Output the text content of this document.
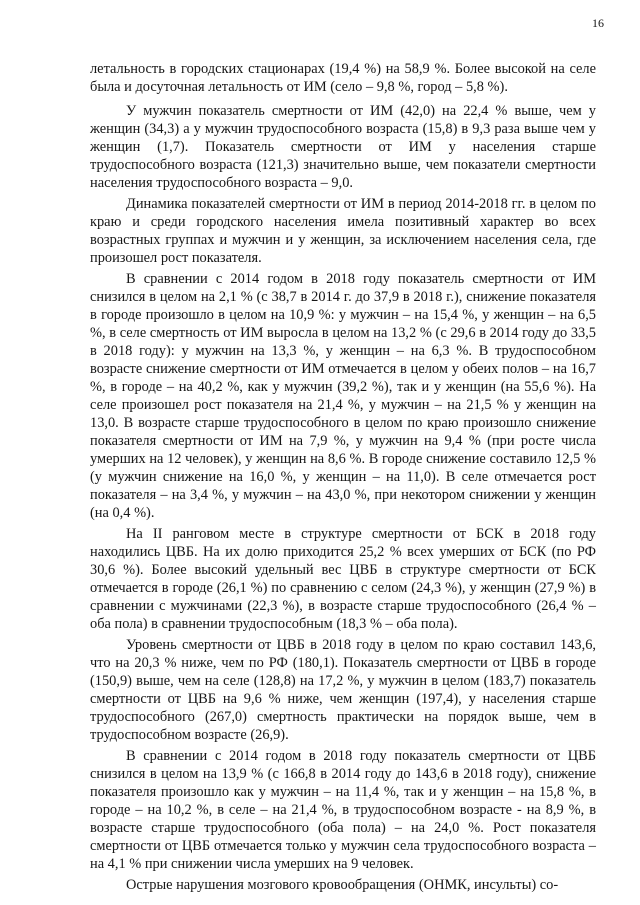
16

летальность в городских стационарах (19,4 %) на 58,9 %. Более высокой на селе была и досуточная летальность от ИМ (село – 9,8 %, город – 5,8 %).

У мужчин показатель смертности от ИМ (42,0) на 22,4 % выше, чем у женщин (34,3) а у мужчин трудоспособного возраста (15,8) в 9,3 раза выше чем у женщин (1,7). Показатель смертности от ИМ у населения старше трудоспособного возраста (121,3) значительно выше, чем показатели смертности населения трудоспособного возраста – 9,0.

Динамика показателей смертности от ИМ в период 2014-2018 гг. в целом по краю и среди городского населения имела позитивный характер во всех возрастных группах и мужчин и у женщин, за исключением населения села, где произошел рост показателя.

В сравнении с 2014 годом в 2018 году показатель смертности от ИМ снизился в целом на 2,1 % (с 38,7 в 2014 г. до 37,9 в 2018 г.), снижение показателя в городе произошло в целом на 10,9 %: у мужчин – на 15,4 %, у женщин – на 6,5 %, в селе смертность от ИМ выросла в целом на 13,2 % (с 29,6 в 2014 году до 33,5 в 2018 году): у мужчин на 13,3 %, у женщин – на 6,3 %. В трудоспособном возрасте снижение смертности от ИМ отмечается в целом у обеих полов – на 16,7 %, в городе – на 40,2 %, как у мужчин (39,2 %), так и у женщин (на 55,6 %). На селе произошел рост показателя на 21,4 %, у мужчин – на 21,5 % у женщин на 13,0. В возрасте старше трудоспособного в целом по краю произошло снижение показателя смертности от ИМ на 7,9 %, у мужчин на 9,4 % (при росте числа умерших на 12 человек), у женщин на 8,6 %. В городе снижение составило 12,5 % (у мужчин снижение на 16,0 %, у женщин – на 11,0). В селе отмечается рост показателя – на 3,4 %, у мужчин – на 43,0 %, при некотором снижении у женщин (на 0,4 %).

На II ранговом месте в структуре смертности от БСК в 2018 году находились ЦВБ. На их долю приходится 25,2 % всех умерших от БСК (по РФ 30,6 %). Более высокий удельный вес ЦВБ в структуре смертности от БСК отмечается в городе (26,1 %) по сравнению с селом (24,3 %), у женщин (27,9 %) в сравнении с мужчинами (22,3 %), в возрасте старше трудоспособного (26,4 % – оба пола) в сравнении трудоспособным (18,3 % – оба пола).

Уровень смертности от ЦВБ в 2018 году в целом по краю составил 143,6, что на 20,3 % ниже, чем по РФ (180,1). Показатель смертности от ЦВБ в городе (150,9) выше, чем на селе (128,8) на 17,2 %, у мужчин в целом (183,7) показатель смертности от ЦВБ на 9,6 % ниже, чем женщин (197,4), у населения старше трудоспособного (267,0) смертность практически на порядок выше, чем в трудоспособном возрасте (26,9).

В сравнении с 2014 годом в 2018 году показатель смертности от ЦВБ снизился в целом на 13,9 % (с 166,8 в 2014 году до 143,6 в 2018 году), снижение показателя произошло как у мужчин – на 11,4 %, так и у женщин – на 15,8 %, в городе – на 10,2 %, в селе – на 21,4 %, в трудоспособном возрасте - на 8,9 %, в возрасте старше трудоспособного (оба пола) – на 24,0 %. Рост показателя смертности от ЦВБ отмечается только у мужчин села трудоспособного возраста – на 4,1 % при снижении числа умерших на 9 человек.

Острые нарушения мозгового кровообращения (ОНМК, инсульты) со-
